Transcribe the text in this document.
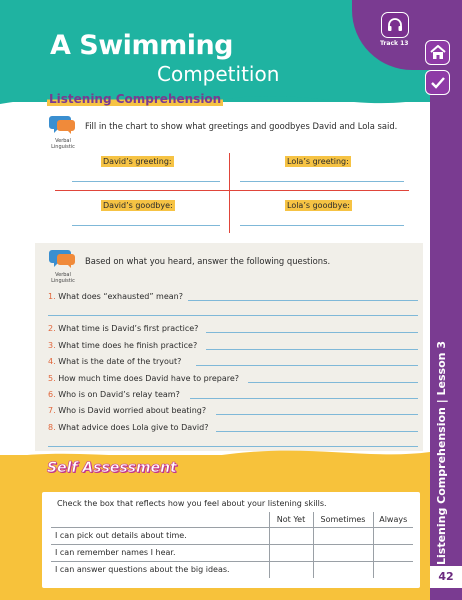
A Swimming
Competition
Track 13
Listening Comprehension | Lesson 3
42
Listening Comprehension
Verbal Linguistic
Fill in the chart to show what greetings and goodbyes David and Lola said.
David’s greeting:	Lola’s greeting:
David’s goodbye:	Lola’s goodbye:
Verbal Linguistic
Based on what you heard, answer the following questions.
1. What does “exhausted” mean?
2. What time is David’s first practice?
3. What time does he finish practice?
4. What is the date of the tryout?
5. How much time does David have to prepare?
6. Who is on David’s relay team?
7. Who is David worried about beating?
8. What advice does Lola give to David?
Self Assessment
Check the box that reflects how you feel about your listening skills.
	Not Yet	Sometimes	Always
I can pick out details about time.			
I can remember names I hear.			
I can answer questions about the big ideas.			
